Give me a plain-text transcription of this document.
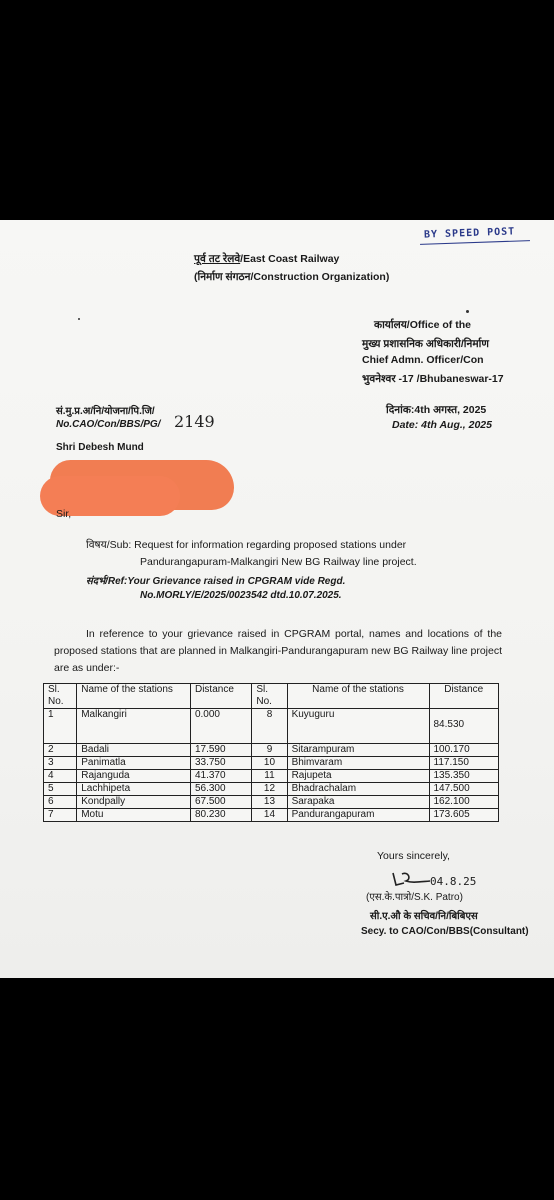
BY SPEED POST
पूर्व तट रेलवे/East Coast Railway
(निर्माण संगठन/Construction Organization)
कार्यालय/Office of the
मुख्य प्रशासनिक अधिकारी/निर्माण
Chief Admn. Officer/Con
भुवनेश्वर -17 /Bhubaneswar-17
सं.मु.प्र.अ/नि/योजना/पि.जि/
No.CAO/Con/BBS/PG/ 2149
दिनांक:4th अगस्त, 2025
Date: 4th Aug., 2025
Shri Debesh Mund
Sir,
विषय/Sub: Request for information regarding proposed stations under
Pandurangapuram-Malkangiri New BG Railway line project.
संदर्भ/Ref:Your Grievance raised in CPGRAM vide Regd.
No.MORLY/E/2025/0023542 dtd.10.07.2025.
In reference to your grievance raised in CPGRAM portal, names and locations of the proposed stations that are planned in Malkangiri-Pandurangapuram new BG Railway line project are as under:-
Sl. No.	Name of the stations	Distance	Sl. No.	Name of the stations	Distance
1	Malkangiri	0.000	8	Kuyuguru	84.530
2	Badali	17.590	9	Sitarampuram	100.170
3	Panimatla	33.750	10	Bhimvaram	117.150
4	Rajanguda	41.370	11	Rajupeta	135.350
5	Lachhipeta	56.300	12	Bhadrachalam	147.500
6	Kondpally	67.500	13	Sarapaka	162.100
7	Motu	80.230	14	Pandurangapuram	173.605
Yours sincerely,
04.8.25
(एस.के.पात्रो/S.K. Patro)
सी.ए.औ के सचिव/नि/बिबिएस
Secy. to CAO/Con/BBS(Consultant)
